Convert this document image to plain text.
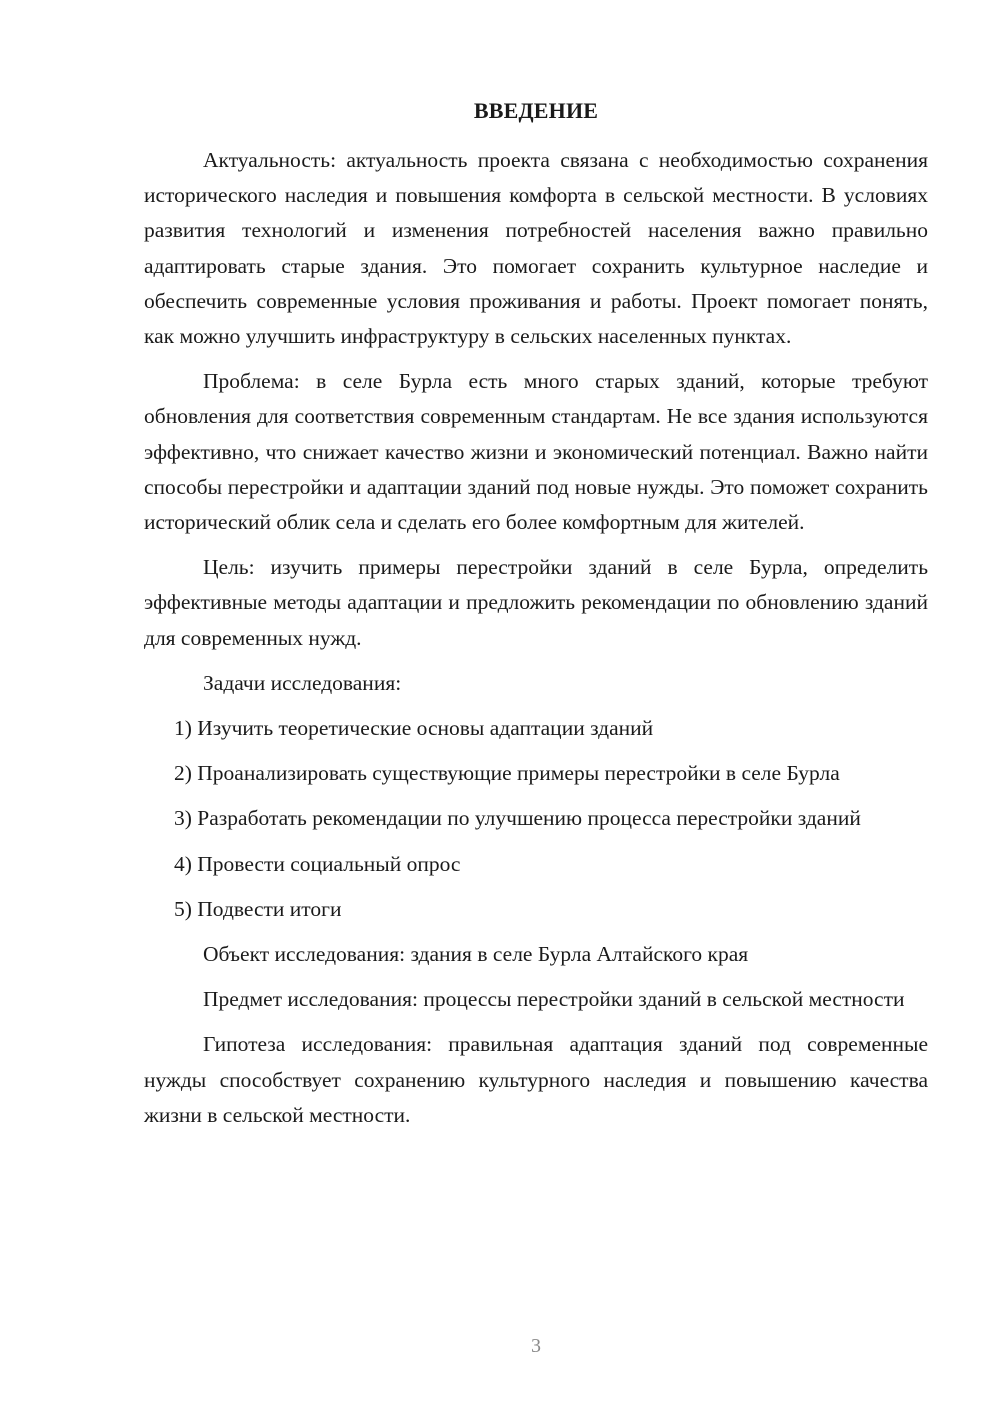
ВВЕДЕНИЕ

Актуальность: актуальность проекта связана с необходимостью сохранения исторического наследия и повышения комфорта в сельской местности. В условиях развития технологий и изменения потребностей населения важно правильно адаптировать старые здания. Это помогает сохранить культурное наследие и обеспечить современные условия проживания и работы. Проект помогает понять, как можно улучшить инфраструктуру в сельских населенных пунктах.

Проблема: в селе Бурла есть много старых зданий, которые требуют обновления для соответствия современным стандартам. Не все здания используются эффективно, что снижает качество жизни и экономический потенциал. Важно найти способы перестройки и адаптации зданий под новые нужды. Это поможет сохранить исторический облик села и сделать его более комфортным для жителей.

Цель: изучить примеры перестройки зданий в селе Бурла, определить эффективные методы адаптации и предложить рекомендации по обновлению зданий для современных нужд.

Задачи исследования:

1) Изучить теоретические основы адаптации зданий

2) Проанализировать существующие примеры перестройки в селе Бурла

3) Разработать рекомендации по улучшению процесса перестройки зданий

4) Провести социальный опрос

5) Подвести итоги

Объект исследования: здания в селе Бурла Алтайского края

Предмет исследования: процессы перестройки зданий в сельской местности

Гипотеза исследования: правильная адаптация зданий под современные нужды способствует сохранению культурного наследия и повышению качества жизни в сельской местности.

3
